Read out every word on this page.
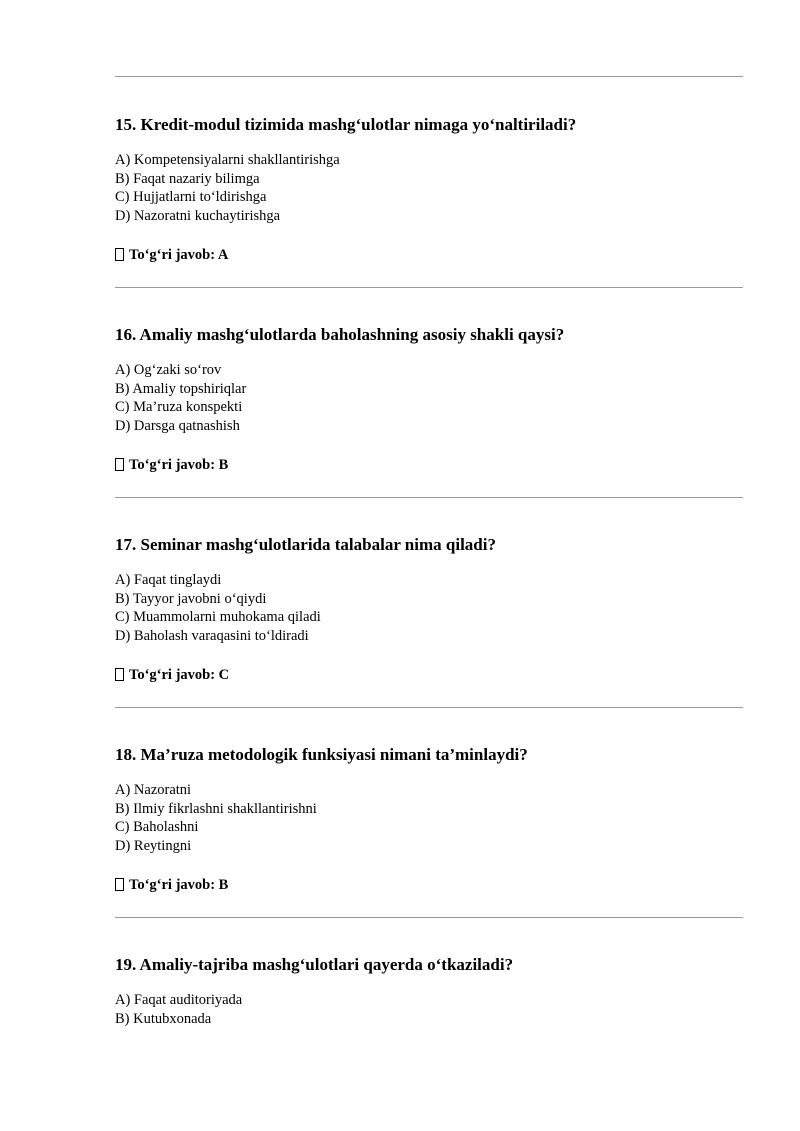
15. Kredit-modul tizimida mashg‘ulotlar nimaga yo‘naltiriladi?

A) Kompetensiyalarni shakllantirishga
B) Faqat nazariy bilimga
C) Hujjatlarni to‘ldirishga
D) Nazoratni kuchaytirishga
To‘g‘ri javob: A

16. Amaliy mashg‘ulotlarda baholashning asosiy shakli qaysi?

A) Og‘zaki so‘rov
B) Amaliy topshiriqlar
C) Ma’ruza konspekti
D) Darsga qatnashish
To‘g‘ri javob: B

17. Seminar mashg‘ulotlarida talabalar nima qiladi?

A) Faqat tinglaydi
B) Tayyor javobni o‘qiydi
C) Muammolarni muhokama qiladi
D) Baholash varaqasini to‘ldiradi
To‘g‘ri javob: C

18. Ma’ruza metodologik funksiyasi nimani ta’minlaydi?

A) Nazoratni
B) Ilmiy fikrlashni shakllantirishni
C) Baholashni
D) Reytingni
To‘g‘ri javob: B

19. Amaliy-tajriba mashg‘ulotlari qayerda o‘tkaziladi?

A) Faqat auditoriyada
B) Kutubxonada
